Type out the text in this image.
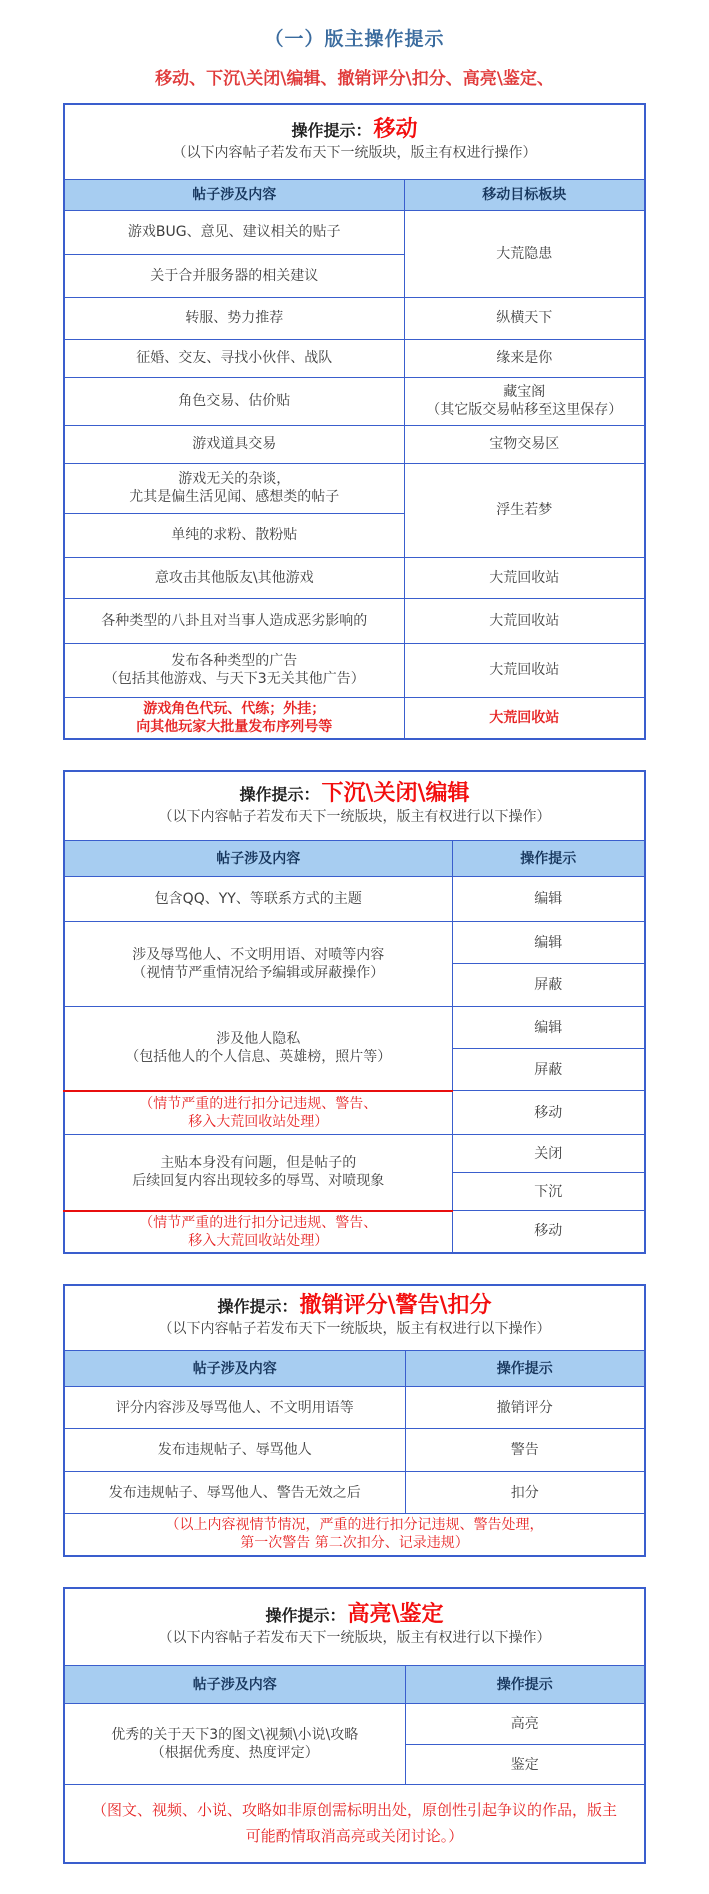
（一）版主操作提示
移动、下沉\关闭\编辑、撤销评分\扣分、高亮\鉴定、
操作提示：移动
（以下内容帖子若发布天下一统版块，版主有权进行操作）	

帖子涉及内容	移动目标板块
游戏BUG、意见、建议相关的贴子	大荒隐患
关于合并服务器的相关建议	
转服、势力推荐	纵横天下
征婚、交友、寻找小伙伴、战队	缘来是你
角色交易、估价贴	藏宝阁
（其它版交易帖移至这里保存）

游戏道具交易	宝物交易区

游戏无关的杂谈，
尤其是偏生活见闻、感想类的帖子	浮生若梦
单纯的求粉、散粉贴	
意攻击其他版友\其他游戏	大荒回收站
各种类型的八卦且对当事人造成恶劣影响的	大荒回收站

发布各种类型的广告
（包括其他游戏、与天下3无关其他广告）	大荒回收站

游戏角色代玩、代练；外挂；
向其他玩家大批量发布序列号等	大荒回收站
操作提示：下沉\关闭\编辑
（以下内容帖子若发布天下一统版块，版主有权进行以下操作）	

帖子涉及内容	操作提示
包含QQ、YY、等联系方式的主题	编辑

涉及辱骂他人、不文明用语、对喷等内容
（视情节严重情况给予编辑或屏蔽操作）	编辑
	屏蔽

涉及他人隐私
（包括他人的个人信息、英雄榜，照片等）	编辑
	屏蔽

（情节严重的进行扣分记违规、警告、
移入大荒回收站处理）	移动

主贴本身没有问题，但是帖子的
后续回复内容出现较多的辱骂、对喷现象	关闭
	下沉

（情节严重的进行扣分记违规、警告、
移入大荒回收站处理）	移动
操作提示：撤销评分\警告\扣分
（以下内容帖子若发布天下一统版块，版主有权进行以下操作）	

帖子涉及内容	操作提示
评分内容涉及辱骂他人、不文明用语等	撤销评分
发布违规帖子、辱骂他人	警告
发布违规帖子、辱骂他人、警告无效之后	扣分

（以上内容视情节情况，严重的进行扣分记违规、警告处理，
第一次警告 第二次扣分、记录违规）	
操作提示：高亮\鉴定
（以下内容帖子若发布天下一统版块，版主有权进行以下操作）	

帖子涉及内容	操作提示

优秀的关于天下3的图文\视频\小说\攻略
（根据优秀度、热度评定）	高亮
	鉴定

（图文、视频、小说、攻略如非原创需标明出处，原创性引起争议的作品，版主
可能酌情取消高亮或关闭讨论。）	
